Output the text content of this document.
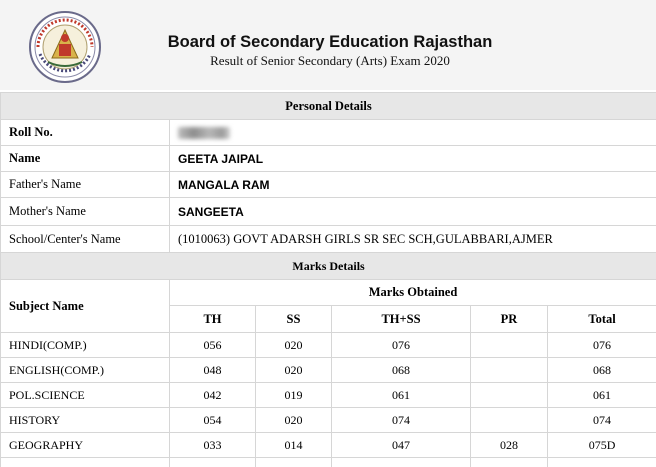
Board of Secondary Education Rajasthan
Result of Senior Secondary (Arts) Exam 2020
Personal Details	
Roll No.	
Name	GEETA JAIPAL
Father's Name	MANGALA RAM
Mother's Name	SANGEETA
School/Center's Name	(1010063) GOVT ADARSH GIRLS SR SEC SCH,GULABBARI,AJMER
Marks Details					
Subject Name	Marks Obtained				
	TH	SS	TH+SS	PR	Total
HINDI(COMP.)	056	020	076		076
ENGLISH(COMP.)	048	020	068		068
POL.SCIENCE	042	019	061		061
HISTORY	054	020	074		074
GEOGRAPHY	033	014	047	028	075D
